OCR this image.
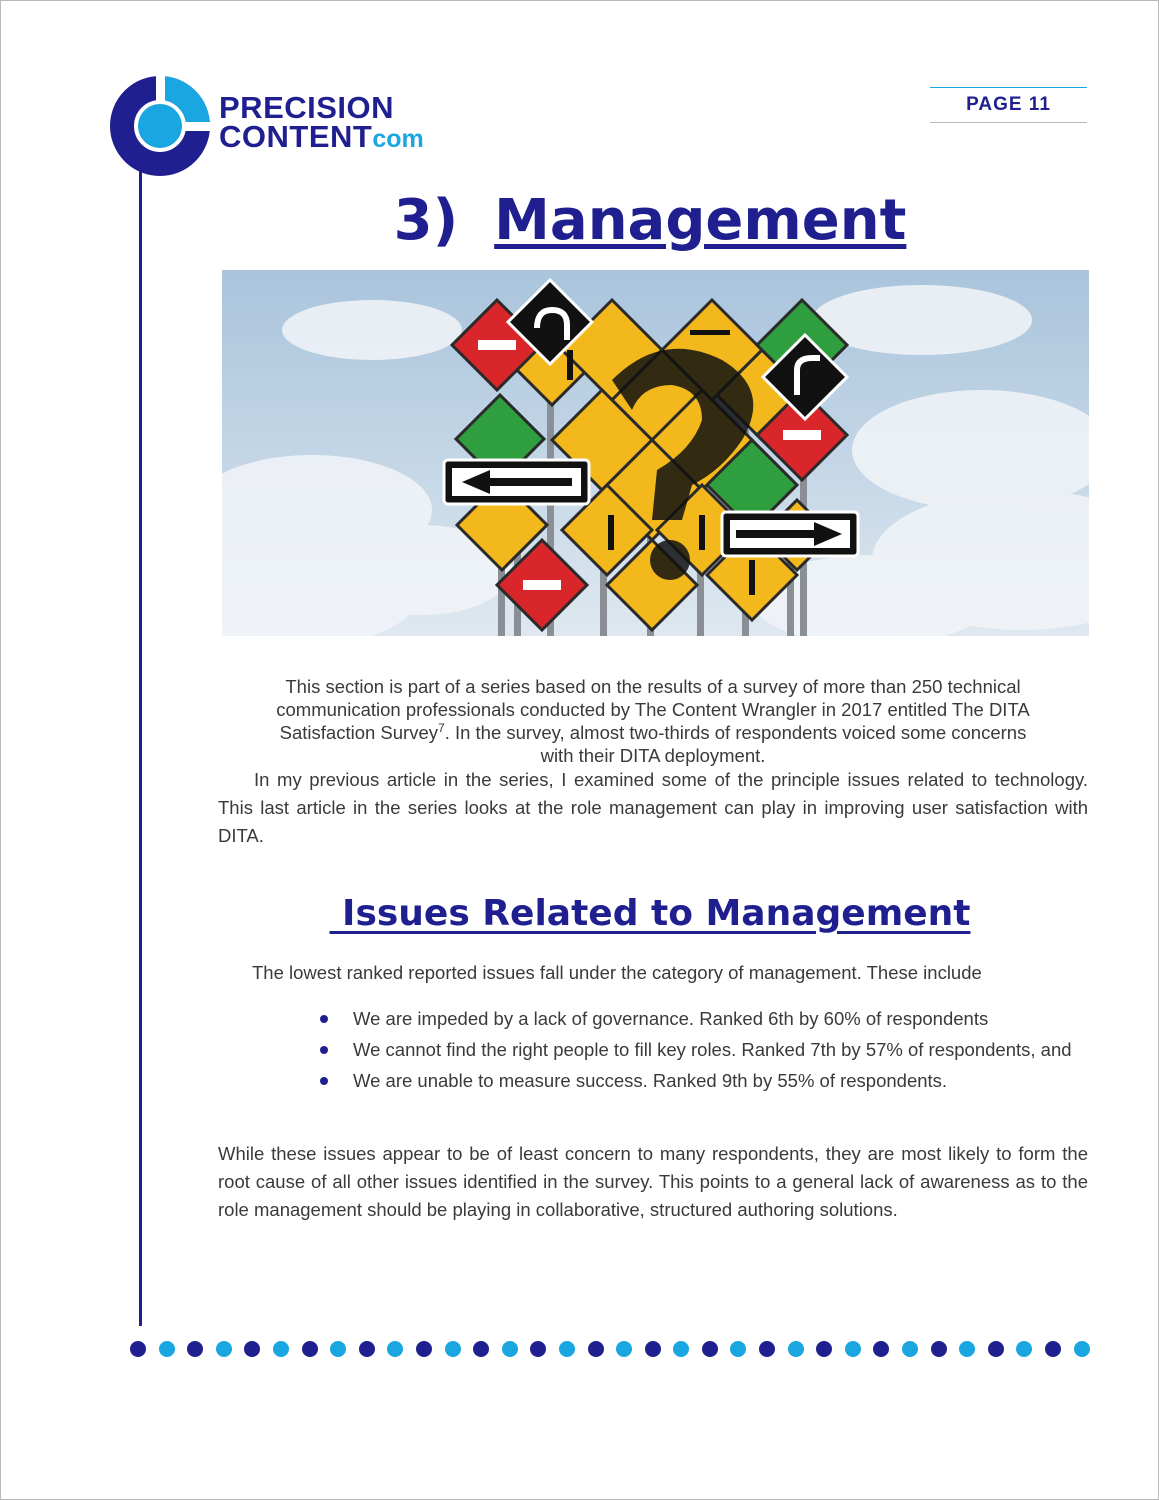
PRECISION
CONTENTcom
PAGE 11
3) Management
This section is part of a series based on the results of a survey of more than 250 technical
communication professionals conducted by The Content Wrangler in 2017 entitled The DITA
Satisfaction Survey$^7$. In the survey, almost two-thirds of respondents voiced some concerns
with their DITA deployment.
In my previous article in the series, I examined some of the principle issues related to technology. This last article in the series looks at the role management can play in improving user satisfaction with DITA.
Issues Related to Management
The lowest ranked reported issues fall under the category of management. These include
We are impeded by a lack of governance. Ranked 6th by 60% of respondents
We cannot find the right people to fill key roles. Ranked 7th by 57% of respondents, and
We are unable to measure success. Ranked 9th by 55% of respondents.
While these issues appear to be of least concern to many respondents, they are most likely to form the root cause of all other issues identified in the survey. This points to a general lack of awareness as to the role management should be playing in collaborative, structured authoring solutions.
